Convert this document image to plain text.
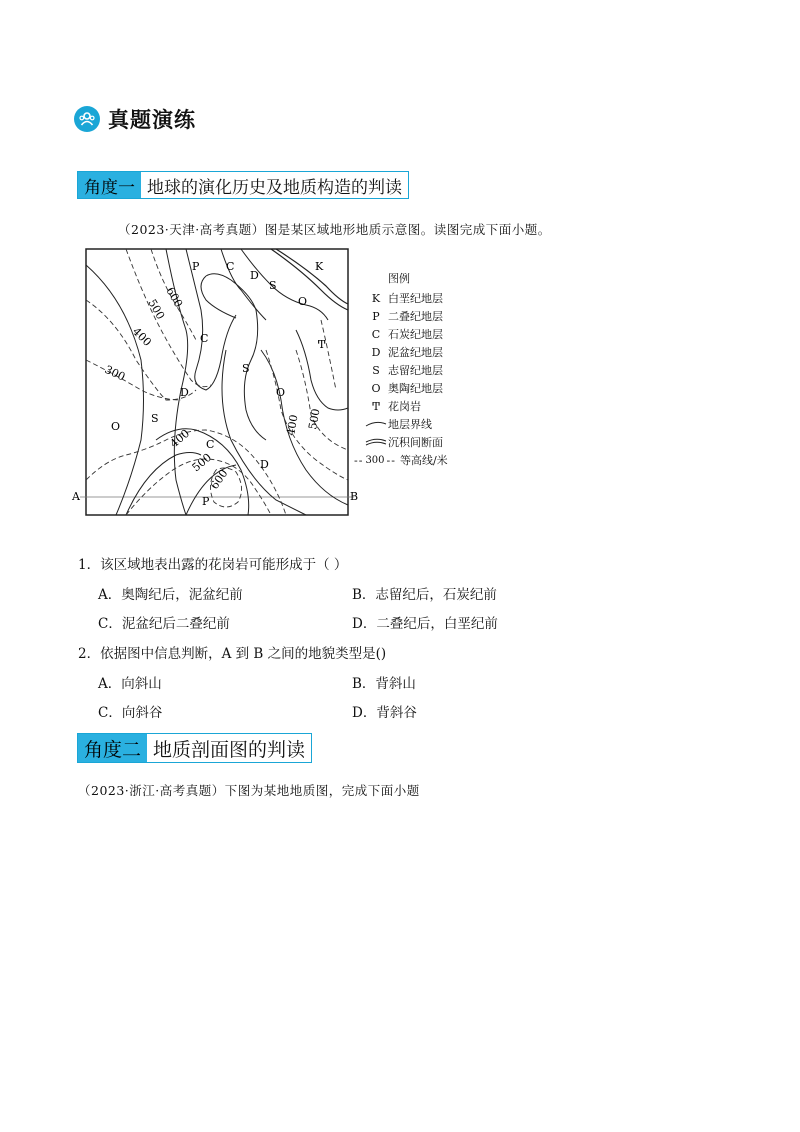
真题演练
角度一 地球的演化历史及地质构造的判读
（2023·天津·高考真题）图是某区域地形地质示意图。读图完成下面小题。
A	B
P C
D
S
O
K
C
D
S
O
O
S
C
D
P
Ͳ
600
500
400
300
400
500
600
400 500
图例
K 白垩纪地层
P 二叠纪地层
C 石炭纪地层
D 泥盆纪地层
S 志留纪地层
O 奥陶纪地层
Ͳ 花岗岩
地层界线
沉积间断面
-- 300 -- 等高线/米
1．该区域地表出露的花岗岩可能形成于（ ）
A．奥陶纪后，泥盆纪前	B．志留纪后，石炭纪前
C．泥盆纪后二叠纪前	D．二叠纪后，白垩纪前
2．依据图中信息判断，A 到 B 之间的地貌类型是()
A．向斜山	B．背斜山
C．向斜谷	D．背斜谷
角度二 地质剖面图的判读
（2023·浙江·高考真题）下图为某地地质图，完成下面小题
